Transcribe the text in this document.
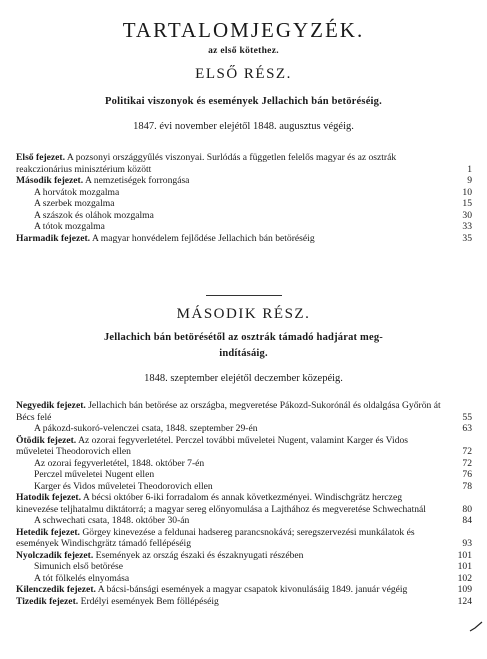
TARTALOMJEGYZÉK.
az első kötethez.
ELSŐ RÉSZ.
Politikai viszonyok és események Jellachich bán betöréséig.
1847. évi november elejétől 1848. augusztus végéig.
Első fejezet. A pozsonyi országgyűlés viszonyai. Surlódás a független felelős magyar és az osztrák reakczionárius minisztérium között	1
Második fejezet. A nemzetiségek forrongása	9
A horvátok mozgalma	10
A szerbek mozgalma	15
A szászok és oláhok mozgalma	30
A tótok mozgalma	33
Harmadik fejezet. A magyar honvédelem fejlődése Jellachich bán betöréséig	35
MÁSODIK RÉSZ.
Jellachich bán betörésétől az osztrák támadó hadjárat meg-
indításáig.
1848. szeptember elejétől deczember közepéig.
Negyedik fejezet. Jellachich bán betörése az országba, megveretése Pákozd-Sukorónál és oldalgása Győrön át Bécs felé	55
A pákozd-sukoró-velenczei csata, 1848. szeptember 29-én	63
Ötödik fejezet. Az ozorai fegyverletétel. Perczel további műveletei Nugent, valamint Karger és Vidos műveletei Theodorovich ellen	72
Az ozorai fegyverletétel, 1848. október 7-én	72
Perczel műveletei Nugent ellen	76
Karger és Vidos műveletei Theodorovich ellen	78
Hatodik fejezet. A bécsi október 6-iki forradalom és annak következményei. Windischgrätz herczeg kinevezése teljhatalmu diktátorrá; a magyar sereg előnyomulása a Lajthához és megveretése Schwechatnál	80
A schwechati csata, 1848. október 30-án	84
Hetedik fejezet. Görgey kinevezése a feldunai hadsereg parancsnokává; seregszervezési munkálatok és események Windischgrätz támadó fellépéséig	93
Nyolczadik fejezet. Események az ország északi és északnyugati részében	101
Simunich első betörése	101
A tót fölkelés elnyomása	102
Kilenczedik fejezet. A bácsi-bánsági események a magyar csapatok kivonulásáig 1849. január végéig	109
Tizedik fejezet. Erdélyi események Bem föllépéséig	124
